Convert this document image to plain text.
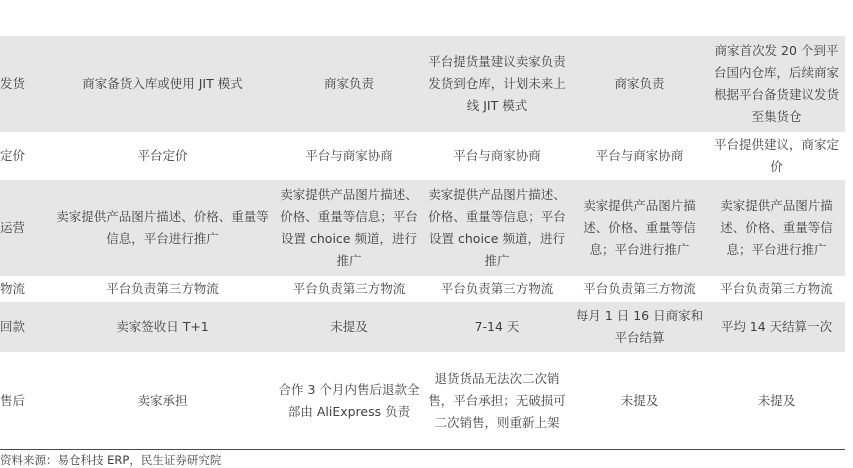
发货	商家备货入库或使用 JIT 模式	商家负责	平台提货量建议卖家负责发货到仓库，计划未来上线 JIT 模式	商家负责	商家首次发 20 个到平台国内仓库，后续商家根据平台备货建议发货至集货仓
定价	平台定价	平台与商家协商	平台与商家协商	平台与商家协商	平台提供建议，商家定价
运营	卖家提供产品图片描述、价格、重量等信息，平台进行推广	卖家提供产品图片描述、价格、重量等信息；平台设置 choice 频道，进行推广	卖家提供产品图片描述、价格、重量等信息；平台设置 choice 频道，进行推广	卖家提供产品图片描述、价格、重量等信息；平台进行推广	卖家提供产品图片描述、价格、重量等信息；平台进行推广
物流	平台负责第三方物流	平台负责第三方物流	平台负责第三方物流	平台负责第三方物流	平台负责第三方物流
回款	卖家签收日 T+1	未提及	7-14 天	每月 1 日 16 日商家和平台结算	平均 14 天结算一次
售后	卖家承担	合作 3 个月内售后退款全部由 AliExpress 负责	退货货品无法次二次销售，平台承担；无破损可二次销售，则重新上架	未提及	未提及
资料来源：易仓科技 ERP，民生证券研究院
